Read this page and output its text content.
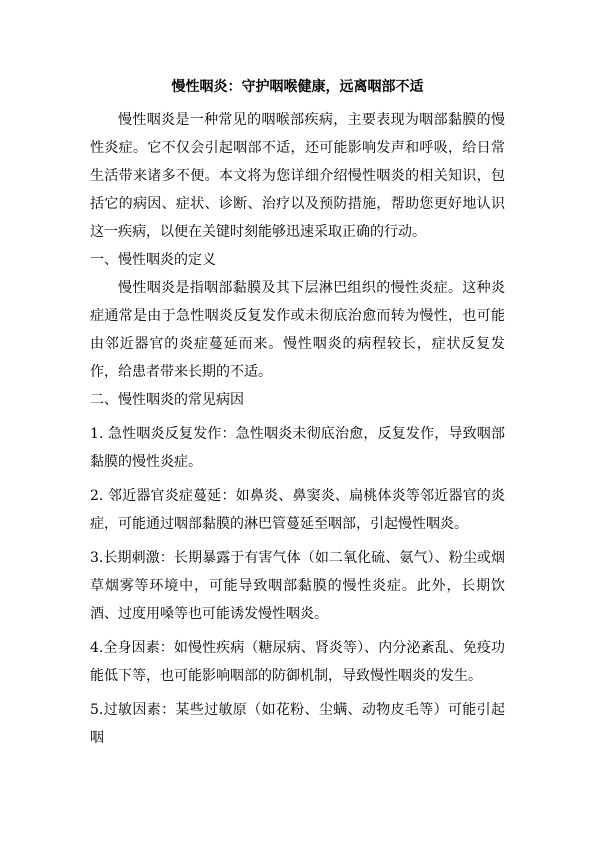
慢性咽炎：守护咽喉健康，远离咽部不适

慢性咽炎是一种常见的咽喉部疾病，主要表现为咽部黏膜的慢性炎症。它不仅会引起咽部不适，还可能影响发声和呼吸，给日常生活带来诸多不便。本文将为您详细介绍慢性咽炎的相关知识，包括它的病因、症状、诊断、治疗以及预防措施，帮助您更好地认识这一疾病，以便在关键时刻能够迅速采取正确的行动。

一、慢性咽炎的定义

慢性咽炎是指咽部黏膜及其下层淋巴组织的慢性炎症。这种炎症通常是由于急性咽炎反复发作或未彻底治愈而转为慢性，也可能由邻近器官的炎症蔓延而来。慢性咽炎的病程较长，症状反复发作，给患者带来长期的不适。

二、慢性咽炎的常见病因

1. 急性咽炎反复发作：急性咽炎未彻底治愈，反复发作，导致咽部黏膜的慢性炎症。

2. 邻近器官炎症蔓延：如鼻炎、鼻窦炎、扁桃体炎等邻近器官的炎症，可能通过咽部黏膜的淋巴管蔓延至咽部，引起慢性咽炎。

3.长期刺激：长期暴露于有害气体（如二氧化硫、氨气）、粉尘或烟草烟雾等环境中，可能导致咽部黏膜的慢性炎症。此外，长期饮酒、过度用嗓等也可能诱发慢性咽炎。

4.全身因素：如慢性疾病（糖尿病、肾炎等）、内分泌紊乱、免疫功能低下等，也可能影响咽部的防御机制，导致慢性咽炎的发生。

5.过敏因素：某些过敏原（如花粉、尘螨、动物皮毛等）可能引起咽
